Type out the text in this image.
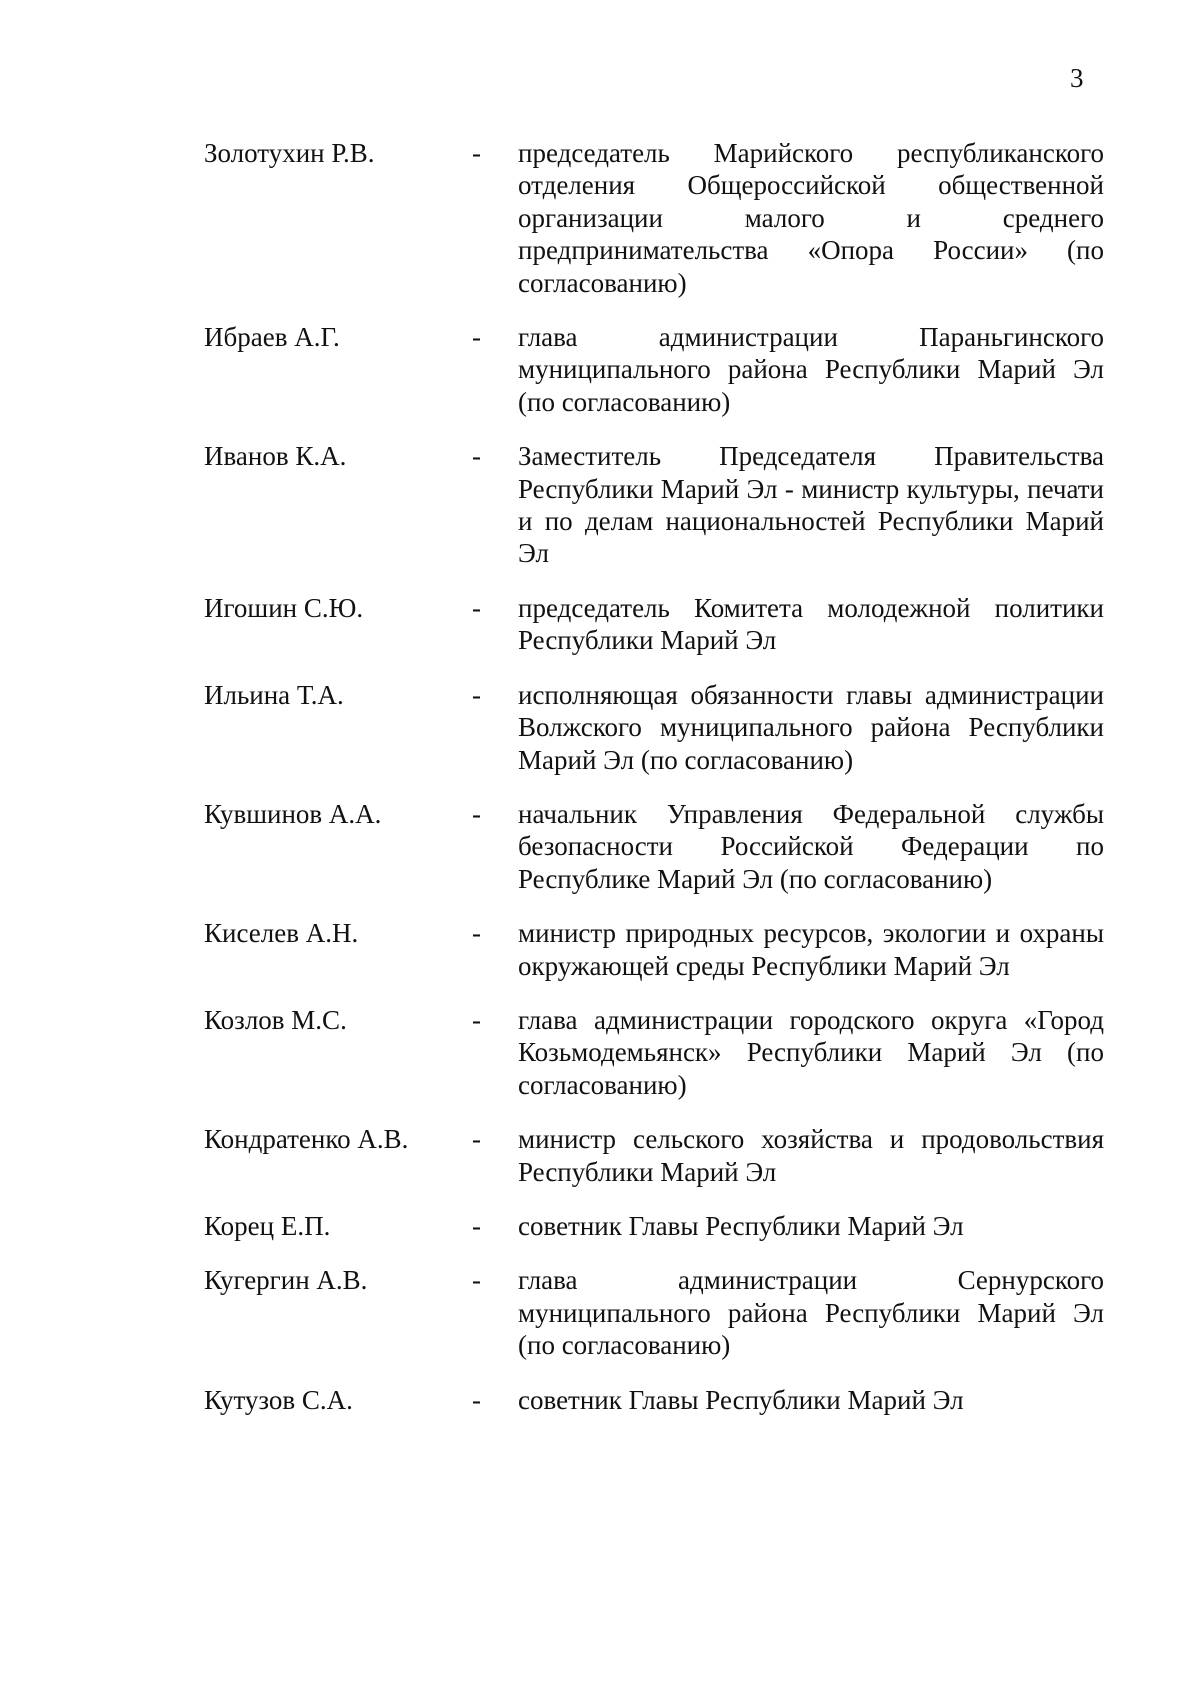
3
Золотухин Р.В.	-	председатель Марийского республиканского отделения Общероссийской общественной организации малого и среднего предпринимательства «Опора России» (по согласованию)
Ибраев А.Г.	-	глава администрации Параньгинского муниципального района Республики Марий Эл (по согласованию)
Иванов К.А.	-	Заместитель Председателя Правительства Республики Марий Эл - министр культуры, печати и по делам национальностей Республики Марий Эл
Игошин С.Ю.	-	председатель Комитета молодежной политики Республики Марий Эл
Ильина Т.А.	-	исполняющая обязанности главы администрации Волжского муниципального района Республики Марий Эл (по согласованию)
Кувшинов А.А.	-	начальник Управления Федеральной службы безопасности Российской Федерации по Республике Марий Эл (по согласованию)
Киселев А.Н.	-	министр природных ресурсов, экологии и охраны окружающей среды Республики Марий Эл
Козлов М.С.	-	глава администрации городского округа «Город Козьмодемьянск» Республики Марий Эл (по согласованию)
Кондратенко А.В.	-	министр сельского хозяйства и продовольствия Республики Марий Эл
Корец Е.П.	-	советник Главы Республики Марий Эл
Кугергин А.В.	-	глава администрации Сернурского муниципального района Республики Марий Эл (по согласованию)
Кутузов С.А.	-	советник Главы Республики Марий Эл
